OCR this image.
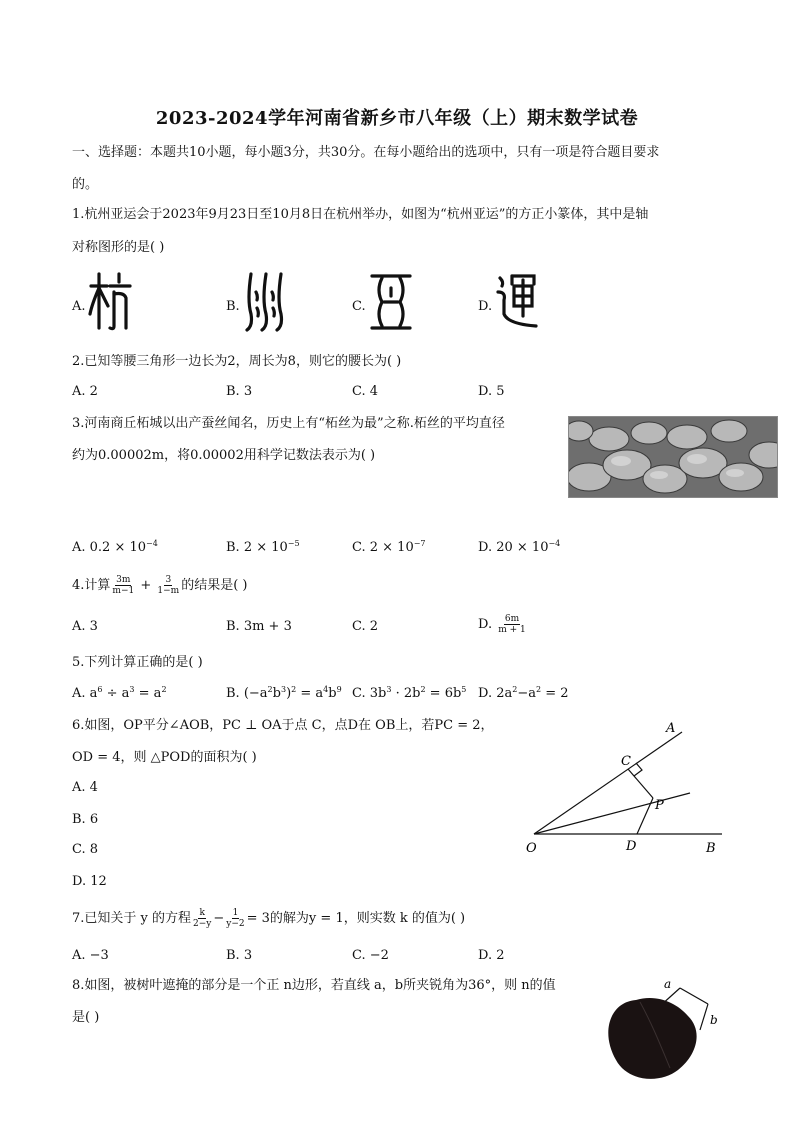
2023-2024学年河南省新乡市八年级（上）期末数学试卷
一、选择题：本题共10小题，每小题3分，共30分。在每小题给出的选项中，只有一项是符合题目要求
的。
1.杭州亚运会于2023年9月23日至10月8日在杭州举办，如图为“杭州亚运”的方正小篆体，其中是轴
对称图形的是( )
A.	B.	C.	D.
2.已知等腰三角形一边长为2，周长为8，则它的腰长为( )
A. 2	B. 3	C. 4	D. 5
3.河南商丘柘城以出产蚕丝闻名，历史上有“柘丝为最”之称.柘丝的平均直径
约为0.00002m，将0.00002用科学记数法表示为( )
A. $0.2 \times 10^{-4}$	B. $2 \times 10^{-5}$	C. $2 \times 10^{-7}$	D. $20 \times 10^{-4}$
4.计算 $\frac{3m}{m-1} + \frac{3}{1-m}$ 的结果是( )
A. 3	B. 3m + 3	C. 2	D. $\frac{6m}{m + 1}$
5.下列计算正确的是( )
A. $a^6 \div a^3 = a^2$	B. $(-a^2b^3)^2 = a^4b^9$ C. $3b^3 \cdot 2b^2 = 6b^5$ D. $2a^2-a^2 = 2$
6.如图，OP平分∠AOB，PC ⊥ OA于点 C，点D在 OB上，若PC = 2，
OD = 4，则 △POD的面积为( )
A. 4
B. 6
C. 8
D. 12
A
C
P
O	D	B
7.已知关于 y 的方程 $\frac{k}{2-y} - \frac{1}{y-2} = 3$的解为y = 1，则实数 k 的值为( )
A. −3	B. 3	C. −2	D. 2
8.如图，被树叶遮掩的部分是一个正 n边形，若直线 a，b所夹锐角为36°，则 n的值
是( )
a
b
